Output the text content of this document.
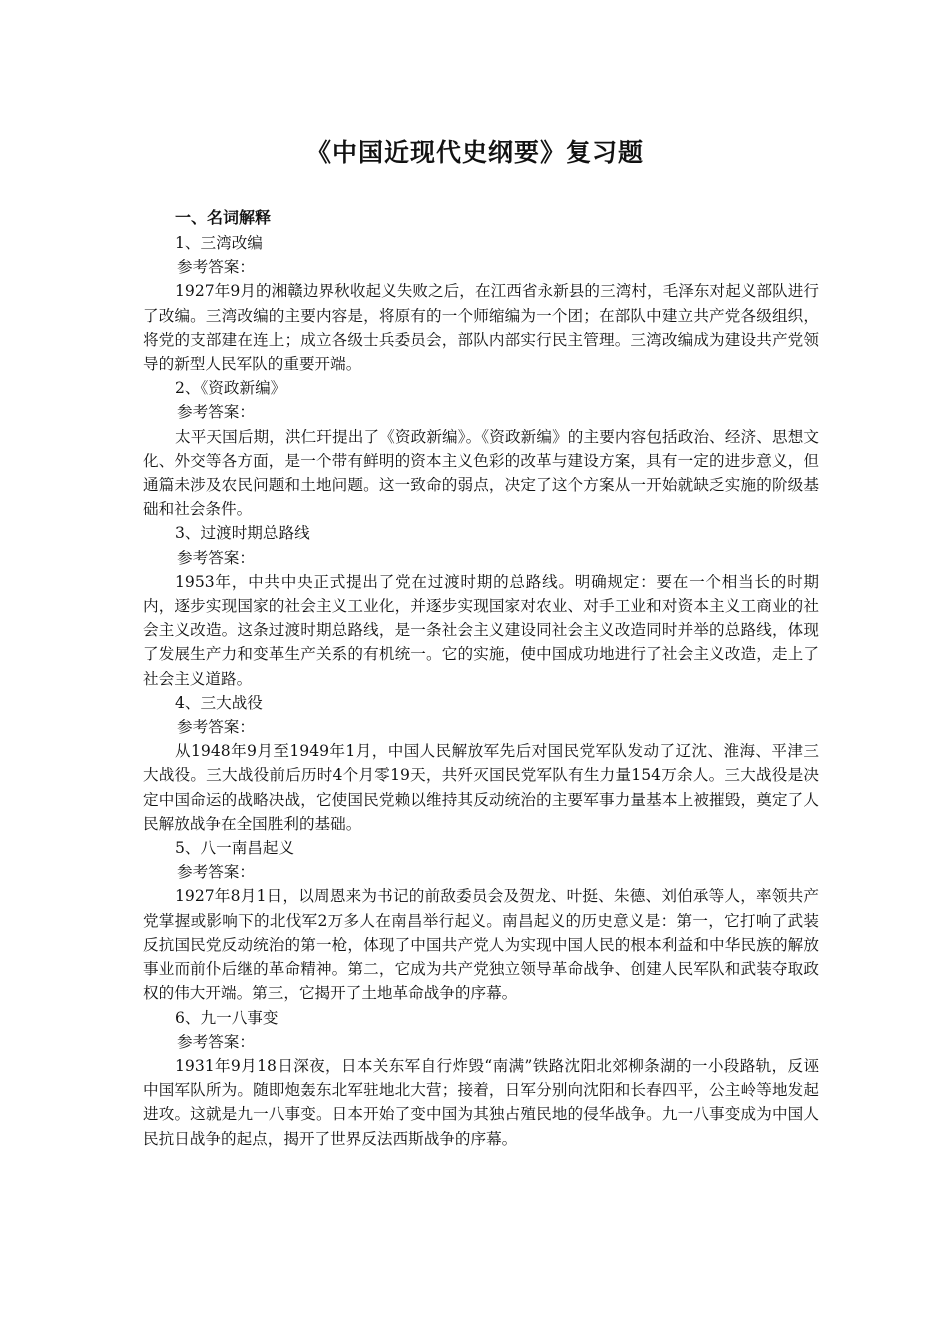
《中国近现代史纲要》复习题
一、名词解释
1、三湾改编
参考答案：

1927年9月的湘赣边界秋收起义失败之后，在江西省永新县的三湾村，毛泽东对起义部队进行了改编。三湾改编的主要内容是，将原有的一个师缩编为一个团；在部队中建立共产党各级组织，将党的支部建在连上；成立各级士兵委员会，部队内部实行民主管理。三湾改编成为建设共产党领导的新型人民军队的重要开端。

2、《资政新编》
参考答案：

太平天国后期，洪仁玕提出了《资政新编》。《资政新编》的主要内容包括政治、经济、思想文化、外交等各方面，是一个带有鲜明的资本主义色彩的改革与建设方案，具有一定的进步意义，但通篇未涉及农民问题和土地问题。这一致命的弱点，决定了这个方案从一开始就缺乏实施的阶级基础和社会条件。

3、过渡时期总路线
参考答案：

1953年，中共中央正式提出了党在过渡时期的总路线。明确规定：要在一个相当长的时期内，逐步实现国家的社会主义工业化，并逐步实现国家对农业、对手工业和对资本主义工商业的社会主义改造。这条过渡时期总路线，是一条社会主义建设同社会主义改造同时并举的总路线，体现了发展生产力和变革生产关系的有机统一。它的实施，使中国成功地进行了社会主义改造，走上了社会主义道路。

4、三大战役
参考答案：

从1948年9月至1949年1月，中国人民解放军先后对国民党军队发动了辽沈、淮海、平津三大战役。三大战役前后历时4个月零19天，共歼灭国民党军队有生力量154万余人。三大战役是决定中国命运的战略决战，它使国民党赖以维持其反动统治的主要军事力量基本上被摧毁，奠定了人民解放战争在全国胜利的基础。

5、八一南昌起义
参考答案：

1927年8月1日，以周恩来为书记的前敌委员会及贺龙、叶挺、朱德、刘伯承等人，率领共产党掌握或影响下的北伐军2万多人在南昌举行起义。南昌起义的历史意义是：第一，它打响了武装反抗国民党反动统治的第一枪，体现了中国共产党人为实现中国人民的根本利益和中华民族的解放事业而前仆后继的革命精神。第二，它成为共产党独立领导革命战争、创建人民军队和武装夺取政权的伟大开端。第三，它揭开了土地革命战争的序幕。

6、九一八事变
参考答案：

1931年9月18日深夜，日本关东军自行炸毁“南满”铁路沈阳北郊柳条湖的一小段路轨，反诬中国军队所为。随即炮轰东北军驻地北大营；接着，日军分别向沈阳和长春四平，公主岭等地发起进攻。这就是九一八事变。日本开始了变中国为其独占殖民地的侵华战争。九一八事变成为中国人民抗日战争的起点，揭开了世界反法西斯战争的序幕。
